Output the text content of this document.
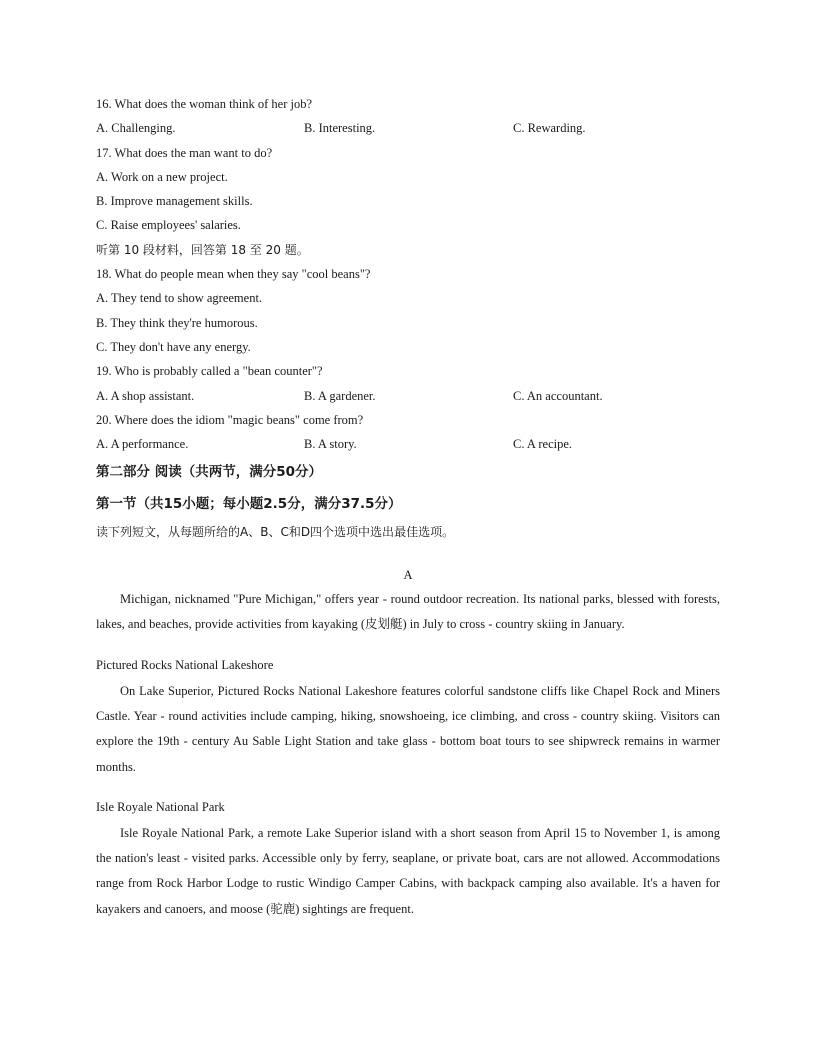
16. What does the woman think of her job?
A. Challenging.	B. Interesting.	C. Rewarding.
17. What does the man want to do?
A. Work on a new project.
B. Improve management skills.
C. Raise employees' salaries.
听第 10 段材料，回答第 18 至 20 题。
18. What do people mean when they say "cool beans"?
A. They tend to show agreement.
B. They think they're humorous.
C. They don't have any energy.
19. Who is probably called a "bean counter"?
A. A shop assistant.	B. A gardener.	C. An accountant.
20. Where does the idiom "magic beans" come from?
A. A performance.	B. A story.	C. A recipe.
第二部分 阅读（共两节，满分50分）
第一节（共15小题；每小题2.5分，满分37.5分）
读下列短文，从每题所给的A、B、C和D四个选项中选出最佳选项。
A

Michigan, nicknamed "Pure Michigan," offers year - round outdoor recreation. Its national parks, blessed with forests, lakes, and beaches, provide activities from kayaking (皮划艇) in July to cross - country skiing in January.

Pictured Rocks National Lakeshore

On Lake Superior, Pictured Rocks National Lakeshore features colorful sandstone cliffs like Chapel Rock and Miners Castle. Year - round activities include camping, hiking, snowshoeing, ice climbing, and cross - country skiing. Visitors can explore the 19th - century Au Sable Light Station and take glass - bottom boat tours to see shipwreck remains in warmer months.

Isle Royale National Park

Isle Royale National Park, a remote Lake Superior island with a short season from April 15 to November 1, is among the nation's least - visited parks. Accessible only by ferry, seaplane, or private boat, cars are not allowed. Accommodations range from Rock Harbor Lodge to rustic Windigo Camper Cabins, with backpack camping also available. It's a haven for kayakers and canoers, and moose (驼鹿) sightings are frequent.
